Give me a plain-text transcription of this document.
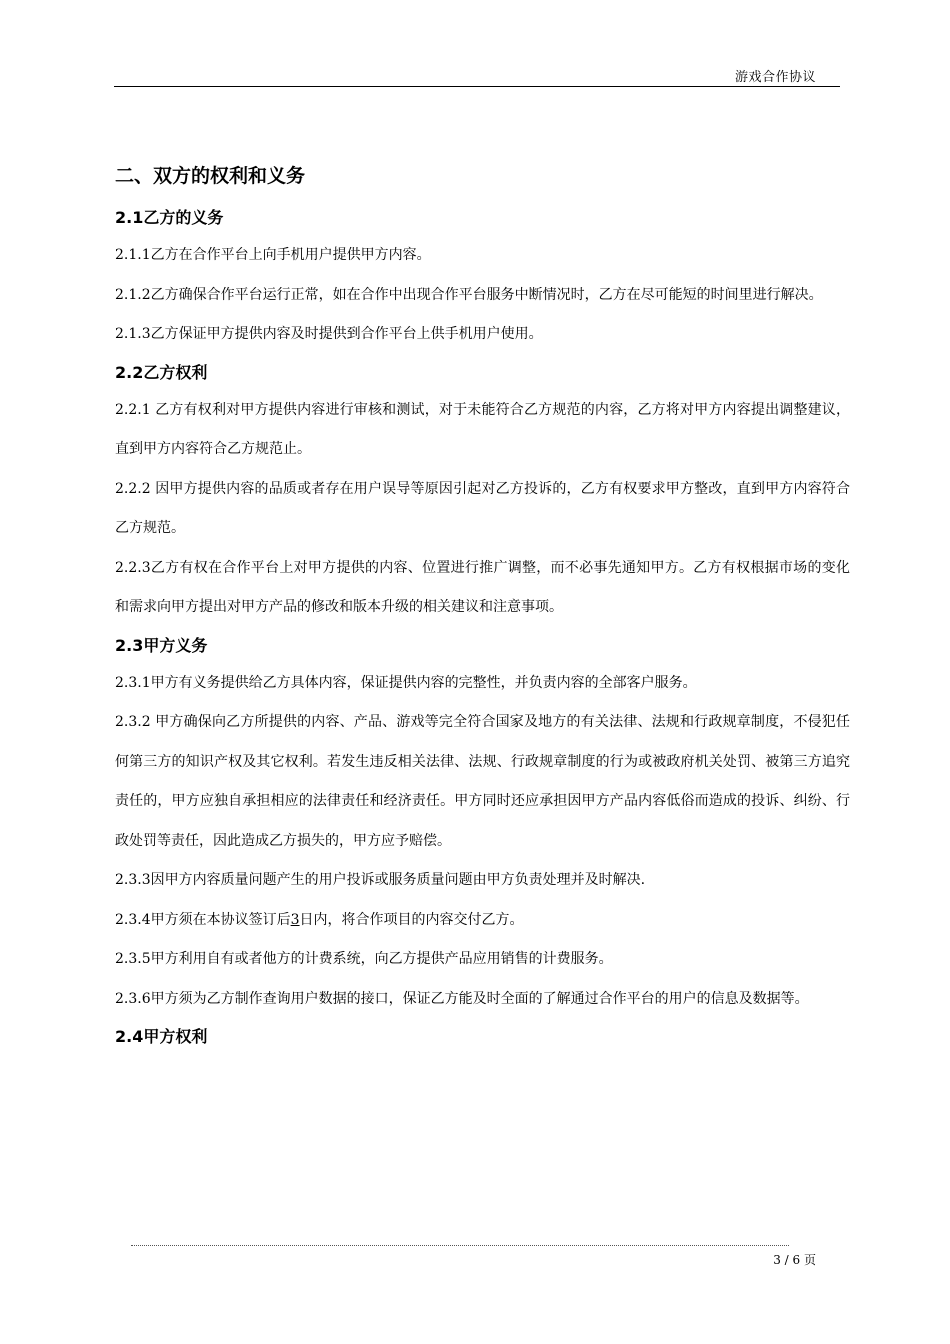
游戏合作协议
二、双方的权利和义务
2.1乙方的义务

2.1.1乙方在合作平台上向手机用户提供甲方内容。

2.1.2乙方确保合作平台运行正常，如在合作中出现合作平台服务中断情况时，乙方在尽可能短的时间里进行解决。

2.1.3乙方保证甲方提供内容及时提供到合作平台上供手机用户使用。

2.2乙方权利

2.2.1 乙方有权利对甲方提供内容进行审核和测试，对于未能符合乙方规范的内容，乙方将对甲方内容提出调整建议，直到甲方内容符合乙方规范止。

2.2.2 因甲方提供内容的品质或者存在用户误导等原因引起对乙方投诉的，乙方有权要求甲方整改，直到甲方内容符合乙方规范。

2.2.3乙方有权在合作平台上对甲方提供的内容、位置进行推广调整，而不必事先通知甲方。乙方有权根据市场的变化和需求向甲方提出对甲方产品的修改和版本升级的相关建议和注意事项。

2.3甲方义务

2.3.1甲方有义务提供给乙方具体内容，保证提供内容的完整性，并负责内容的全部客户服务。

2.3.2 甲方确保向乙方所提供的内容、产品、游戏等完全符合国家及地方的有关法律、法规和行政规章制度，不侵犯任何第三方的知识产权及其它权利。若发生违反相关法律、法规、行政规章制度的行为或被政府机关处罚、被第三方追究责任的，甲方应独自承担相应的法律责任和经济责任。甲方同时还应承担因甲方产品内容低俗而造成的投诉、纠纷、行政处罚等责任，因此造成乙方损失的，甲方应予赔偿。

2.3.3因甲方内容质量问题产生的用户投诉或服务质量问题由甲方负责处理并及时解决.

2.3.4甲方须在本协议签订后3日内，将合作项目的内容交付乙方。

2.3.5甲方利用自有或者他方的计费系统，向乙方提供产品应用销售的计费服务。

2.3.6甲方须为乙方制作查询用户数据的接口，保证乙方能及时全面的了解通过合作平台的用户的信息及数据等。

2.4甲方权利
3 / 6 页
